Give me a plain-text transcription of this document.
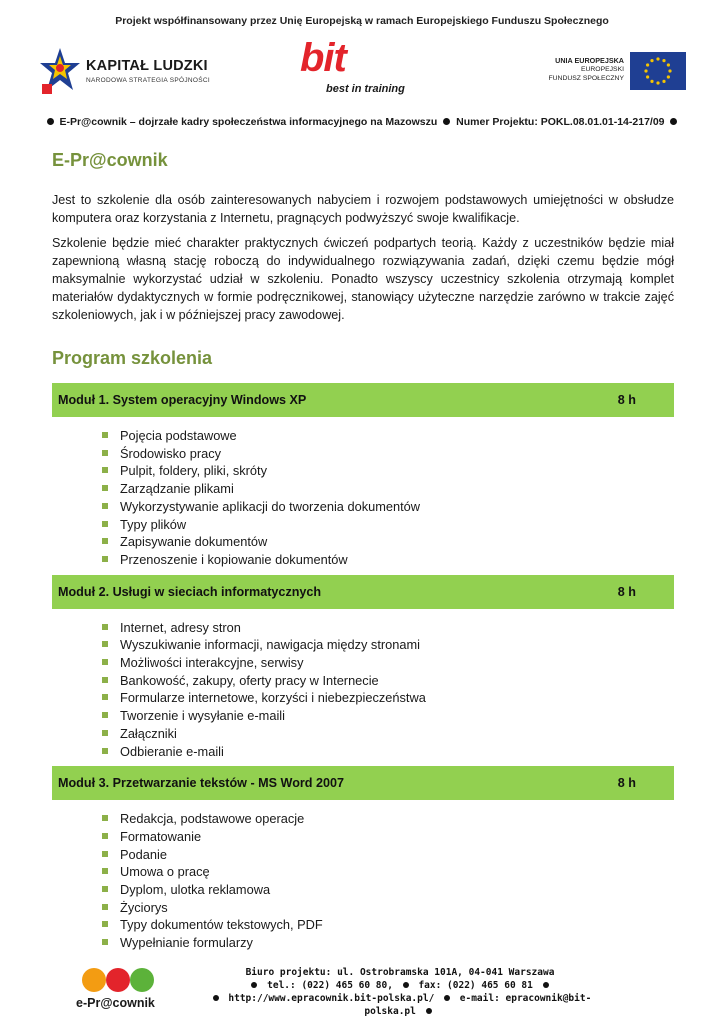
Projekt współfinansowany przez Unię Europejską w ramach Europejskiego Funduszu Społecznego
KAPITAŁ LUDZKI
NARODOWA STRATEGIA SPÓJNOŚCI
bit
best in training
UNIA EUROPEJSKA
EUROPEJSKI
FUNDUSZ SPOŁECZNY
E-Pr@cownik – dojrzałe kadry społeczeństwa informacyjnego na Mazowszu Numer Projektu: POKL.08.01.01-14-217/09
E-Pr@cownik

Jest to szkolenie dla osób zainteresowanych nabyciem i rozwojem podstawowych umiejętności w obsłudze komputera oraz korzystania z Internetu, pragnących podwyższyć swoje kwalifikacje.

Szkolenie będzie mieć charakter praktycznych ćwiczeń podpartych teorią. Każdy z uczestników będzie miał zapewnioną własną stację roboczą do indywidualnego rozwiązywania zadań, dzięki czemu będzie mógł maksymalnie wykorzystać udział w szkoleniu. Ponadto wszyscy uczestnicy szkolenia otrzymają komplet materiałów dydaktycznych w formie podręcznikowej, stanowiący użyteczne narzędzie zarówno w trakcie zajęć szkoleniowych, jak i w późniejszej pracy zawodowej.

Program szkolenia
Moduł 1. System operacyjny Windows XP	8 h
Pojęcia podstawowe
Środowisko pracy
Pulpit, foldery, pliki, skróty
Zarządzanie plikami
Wykorzystywanie aplikacji do tworzenia dokumentów
Typy plików
Zapisywanie dokumentów
Przenoszenie i kopiowanie dokumentów
Moduł 2. Usługi w sieciach informatycznych	8 h
Internet, adresy stron
Wyszukiwanie informacji, nawigacja między stronami
Możliwości interakcyjne, serwisy
Bankowość, zakupy, oferty pracy w Internecie
Formularze internetowe, korzyści i niebezpieczeństwa
Tworzenie i wysyłanie e-maili
Załączniki
Odbieranie e-maili
Moduł 3. Przetwarzanie tekstów - MS Word 2007	8 h
Redakcja, podstawowe operacje
Formatowanie
Podanie
Umowa o pracę
Dyplom, ulotka reklamowa
Życiorys
Typy dokumentów tekstowych, PDF
Wypełnianie formularzy
e-Pr@cownik
Biuro projektu: ul. Ostrobramska 101A, 04-041 Warszawa
tel.: (022) 465 60 80,	fax: (022) 465 60 81
http://www.epracownik.bit-polska.pl/	e-mail: epracownik@bit-polska.pl
